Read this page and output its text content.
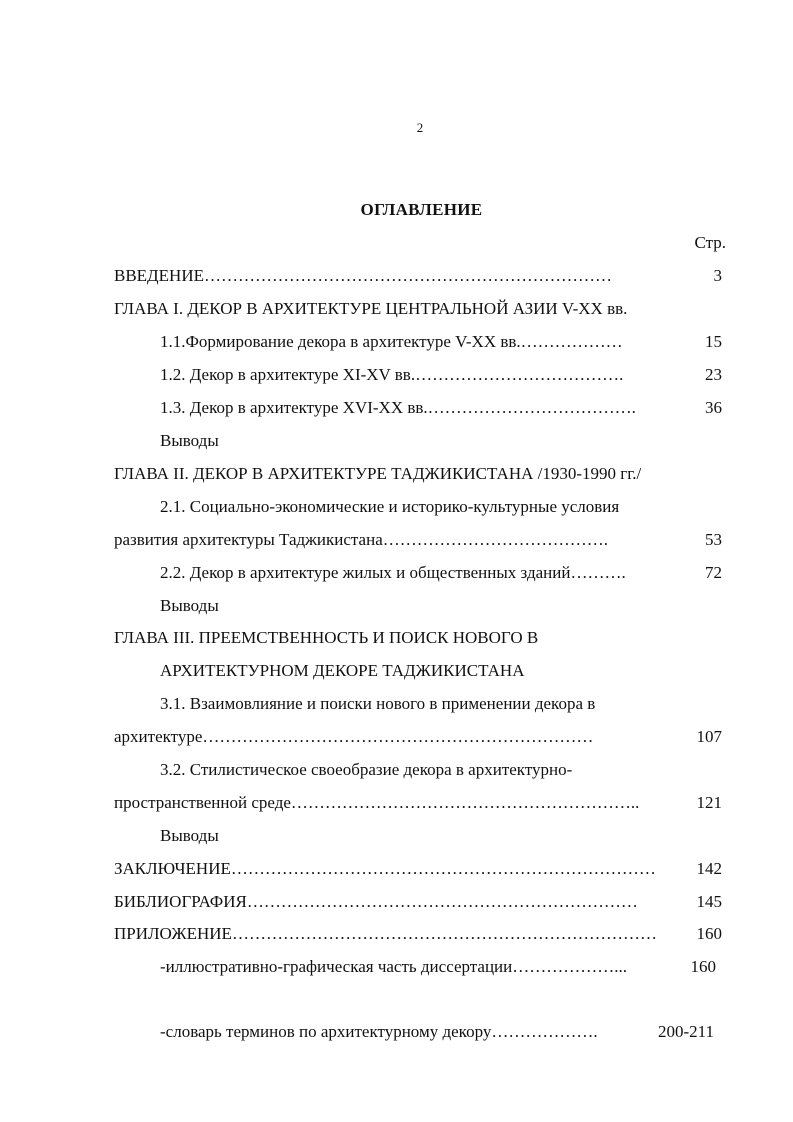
2
ОГЛАВЛЕНИЕ
Стр.
ВВЕДЕНИЕ………………………………………………………………	3
ГЛАВА I. ДЕКОР В АРХИТЕКТУРЕ ЦЕНТРАЛЬНОЙ АЗИИ V-XX вв.
1.1.Формирование декора в архитектуре V-XX вв.………………	15
1.2. Декор в архитектуре XI-XV вв.……………………………….	23
1.3. Декор в архитектуре XVI-XX вв.……………………………….	36
Выводы
ГЛАВА II. ДЕКОР В АРХИТЕКТУРЕ ТАДЖИКИСТАНА /1930-1990 гг./
2.1. Социально-экономические и историко-культурные условия
развития архитектуры Таджикистана………………………………….	53
2.2. Декор в архитектуре жилых и общественных зданий……….	72
Выводы
ГЛАВА III. ПРЕЕМСТВЕННОСТЬ И ПОИСК НОВОГО В
АРХИТЕКТУРНОМ ДЕКОРЕ ТАДЖИКИСТАНА
3.1. Взаимовлияние и поиски нового в применении декора в
архитектуре……………………………………………………………	107
3.2. Стилистическое своеобразие декора в архитектурно-
пространственной среде……………………………………………………..	121
Выводы
ЗАКЛЮЧЕНИЕ………………………………………………………………… 142
БИБЛИОГРАФИЯ……………………………………………………………	145
ПРИЛОЖЕНИЕ………………………………………………………………… 160
-иллюстративно-графическая часть диссертации………………...	160
-словарь терминов по архитектурному декору……………….	200-211
